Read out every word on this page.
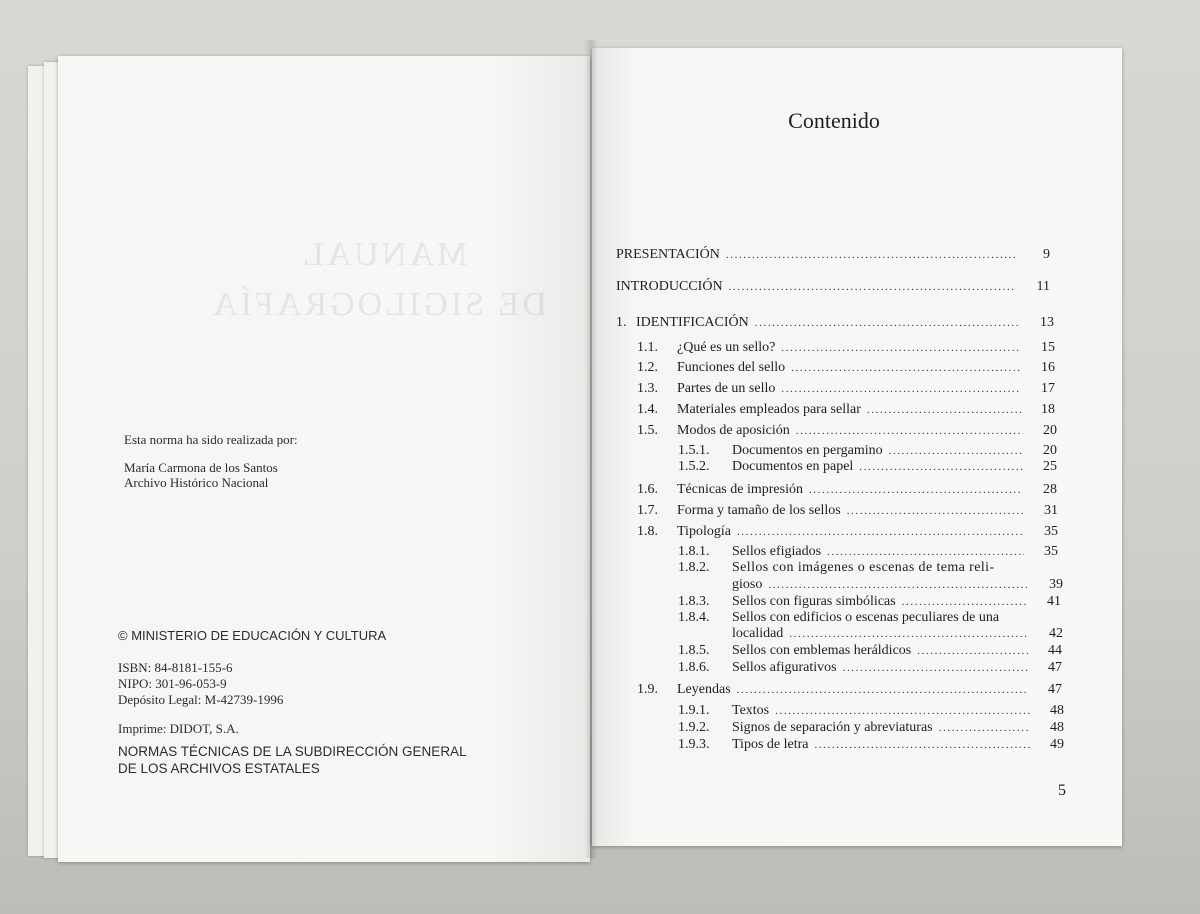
MANUAL
DE SIGILOGRAFÍA
Esta norma ha sido realizada por:
María Carmona de los Santos
Archivo Histórico Nacional
© MINISTERIO DE EDUCACIÓN Y CULTURA
ISBN: 84-8181-155-6
NIPO: 301-96-053-9
Depósito Legal: M-42739-1996
Imprime: DIDOT, S.A.
NORMAS TÉCNICAS DE LA SUBDIRECCIÓN GENERAL
DE LOS ARCHIVOS ESTATALES
Contenido
PRESENTACIÓN .....	9
INTRODUCCIÓN .....	11
1. IDENTIFICACIÓN .....	13
1.1.	¿Qué es un sello? .....	15
1.2.	Funciones del sello .....	16
1.3.	Partes de un sello .....	17
1.4.	Materiales empleados para sellar .....	18
1.5.	Modos de aposición .....	20
1.5.1.	Documentos en pergamino .....	20
1.5.2.	Documentos en papel .....	25
1.6.	Técnicas de impresión .....	28
1.7.	Forma y tamaño de los sellos .....	31
1.8.	Tipología .....	35
1.8.1.	Sellos efigiados .....	35
1.8.2.	Sellos con imágenes o escenas de tema reli-
gioso .....	39
1.8.3.	Sellos con figuras simbólicas .....	41
1.8.4.	Sellos con edificios o escenas peculiares de una
localidad .....	42
1.8.5.	Sellos con emblemas heráldicos .....	44
1.8.6.	Sellos afigurativos .....	47
1.9.	Leyendas .....	47
1.9.1.	Textos .....	48
1.9.2.	Signos de separación y abreviaturas .....	48
1.9.3.	Tipos de letra .....	49
5
